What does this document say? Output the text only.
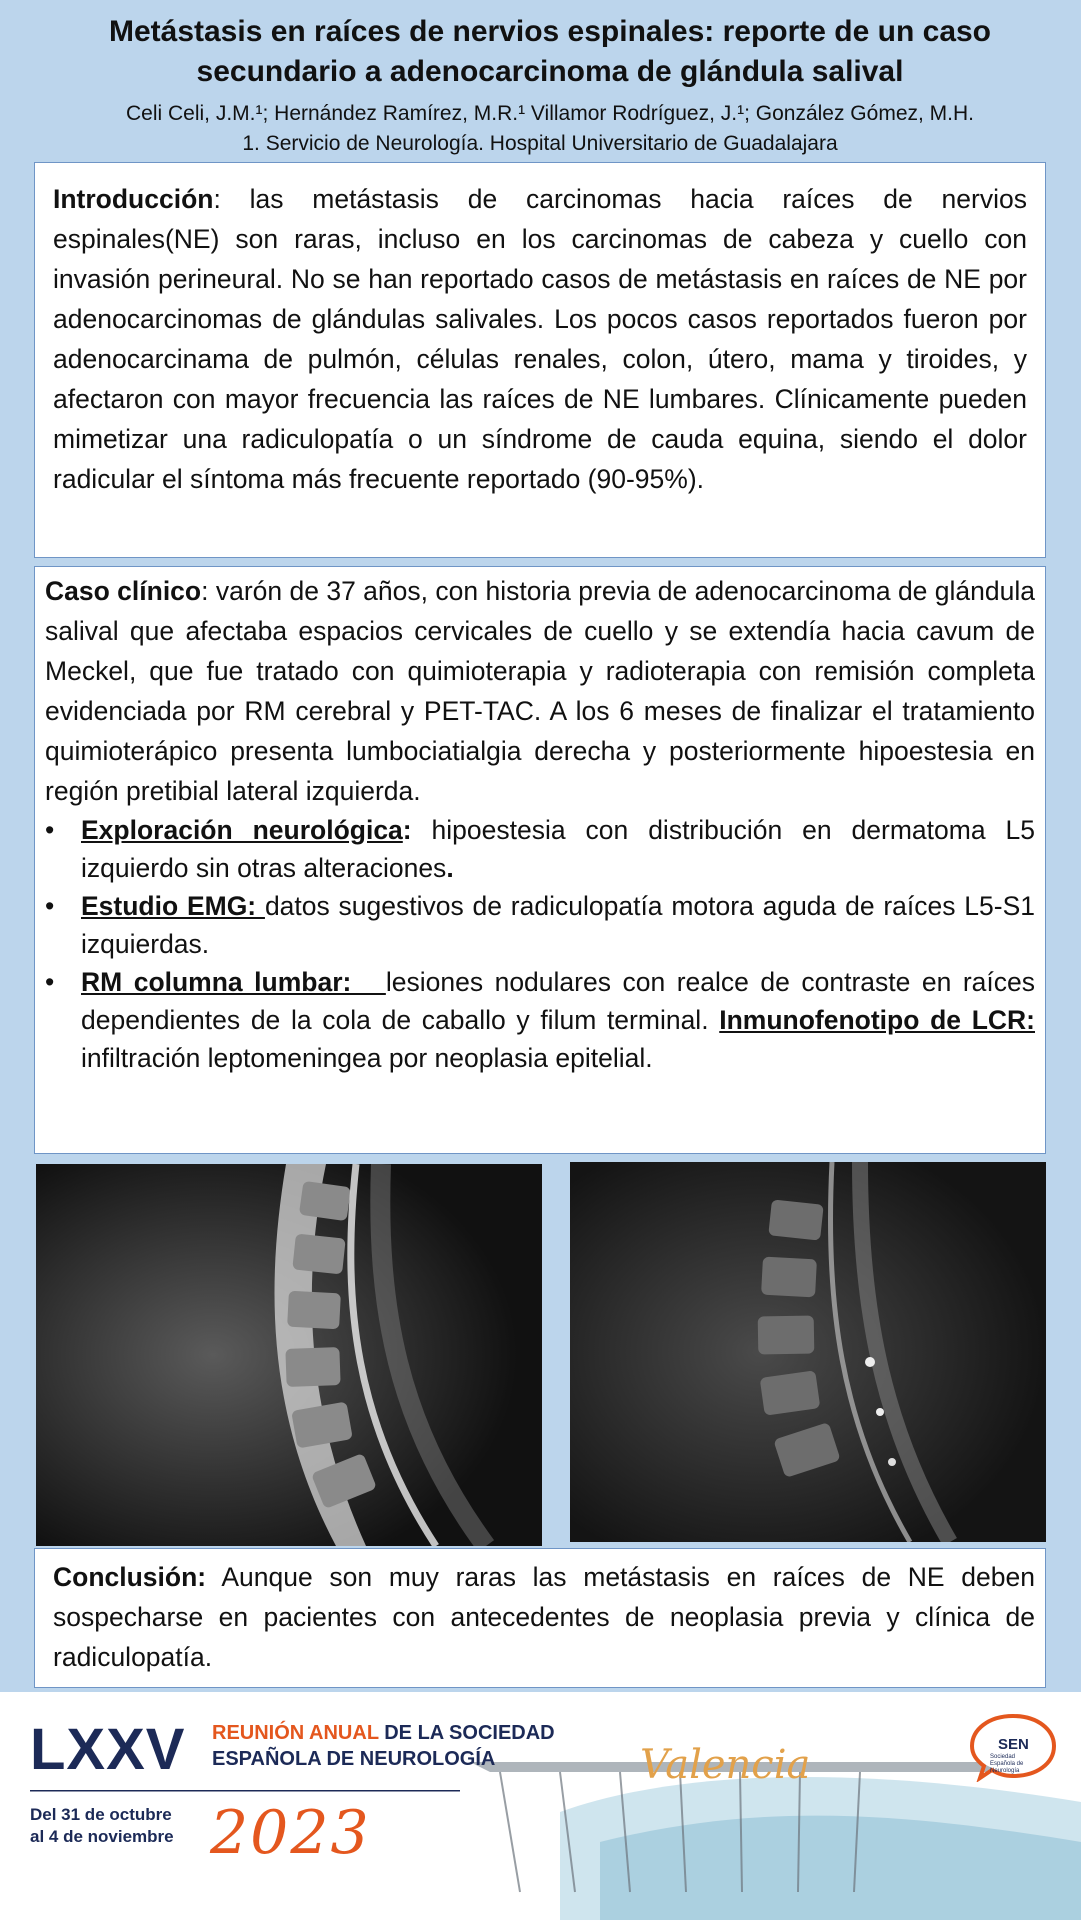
Metástasis en raíces de nervios espinales: reporte de un caso
secundario a adenocarcinoma de glándula salival
Celi Celi, J.M.¹; Hernández Ramírez, M.R.¹ Villamor Rodríguez, J.¹; González Gómez, M.H.
1. Servicio de Neurología. Hospital Universitario de Guadalajara

Introducción: las metástasis de carcinomas hacia raíces de nervios espinales(NE) son raras, incluso en los carcinomas de cabeza y cuello con invasión perineural. No se han reportado casos de metástasis en raíces de NE por adenocarcinomas de glándulas salivales. Los pocos casos reportados fueron por adenocarcinama de pulmón, células renales, colon, útero, mama y tiroides, y afectaron con mayor frecuencia las raíces de NE lumbares. Clínicamente pueden mimetizar una radiculopatía o un síndrome de cauda equina, siendo el dolor radicular el síntoma más frecuente reportado (90-95%).

Caso clínico: varón de 37 años, con historia previa de adenocarcinoma de glándula salival que afectaba espacios cervicales de cuello y se extendía hacia cavum de Meckel, que fue tratado con quimioterapia y radioterapia con remisión completa evidenciada por RM cerebral y PET-TAC. A los 6 meses de finalizar el tratamiento quimioterápico presenta lumbociatialgia derecha y posteriormente hipoestesia en región pretibial lateral izquierda.

• Exploración neurológica: hipoestesia con distribución en dermatoma L5 izquierdo sin otras alteraciones.
• Estudio EMG: datos sugestivos de radiculopatía motora aguda de raíces L5-S1 izquierdas.
• RM columna lumbar:   lesiones nodulares con realce de contraste en raíces dependientes de la cola de caballo y filum terminal. Inmunofenotipo de LCR: infiltración leptomeningea por neoplasia epitelial.

Conclusión: Aunque son muy raras las metástasis en raíces de NE deben sospecharse en pacientes con antecedentes de neoplasia previa y clínica de radiculopatía.

LXXV REUNIÓN ANUAL DE LA SOCIEDAD
ESPAÑOLA DE NEUROLOGÍA
Del 31 de octubre
al 4 de noviembre 2023
Valencia	SEN
Sociedad Española de Neurología
